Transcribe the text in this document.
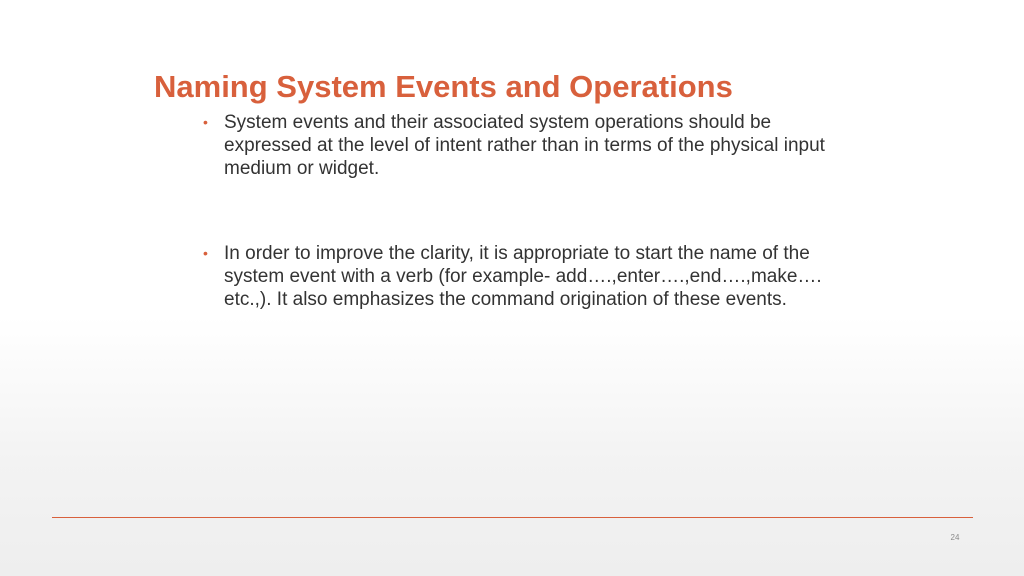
Naming System Events and Operations
• System events and their associated system operations should be expressed at the level of intent rather than in terms of the physical input medium or widget.
• In order to improve the clarity, it is appropriate to start the name of the system event with a verb (for example- add….,enter….,end….,make…. etc.,). It also emphasizes the command origination of these events.
24
